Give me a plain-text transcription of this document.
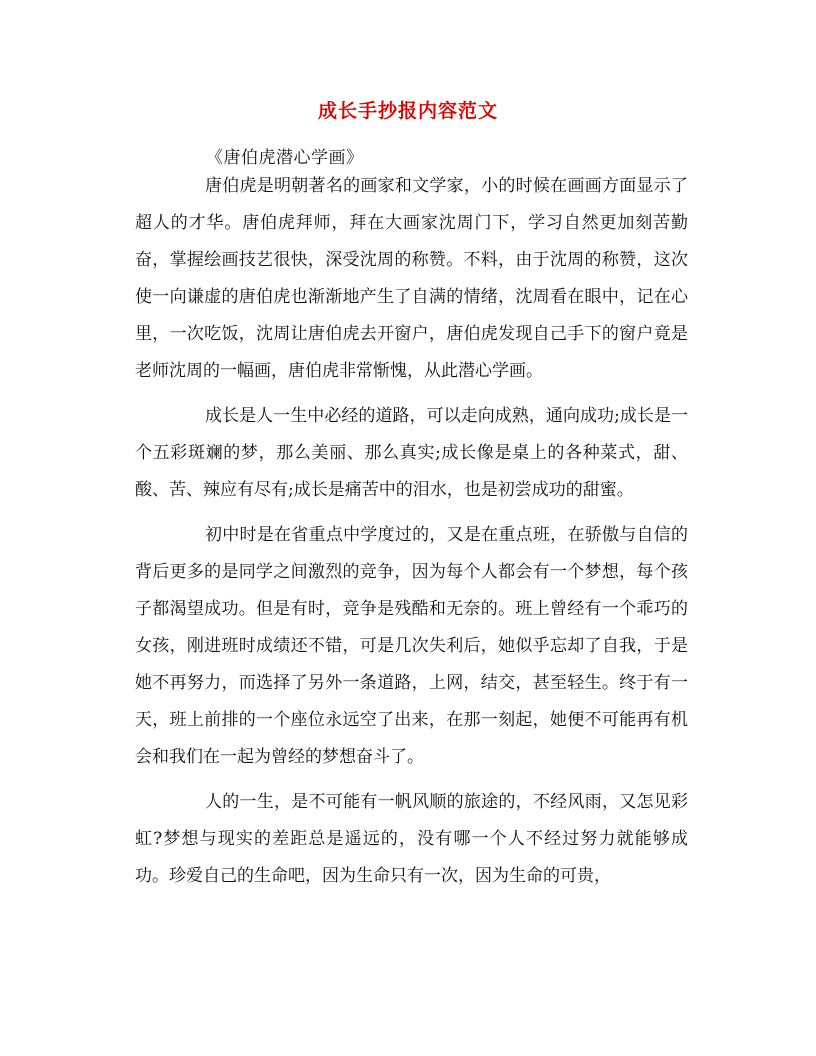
成长手抄报内容范文
《唐伯虎潜心学画》

唐伯虎是明朝著名的画家和文学家，小的时候在画画方面显示了超人的才华。唐伯虎拜师，拜在大画家沈周门下，学习自然更加刻苦勤奋，掌握绘画技艺很快，深受沈周的称赞。不料，由于沈周的称赞，这次使一向谦虚的唐伯虎也渐渐地产生了自满的情绪，沈周看在眼中，记在心里，一次吃饭，沈周让唐伯虎去开窗户，唐伯虎发现自己手下的窗户竟是老师沈周的一幅画，唐伯虎非常惭愧，从此潜心学画。

成长是人一生中必经的道路，可以走向成熟，通向成功;成长是一个五彩斑斓的梦，那么美丽、那么真实;成长像是桌上的各种菜式，甜、酸、苦、辣应有尽有;成长是痛苦中的泪水，也是初尝成功的甜蜜。

初中时是在省重点中学度过的，又是在重点班，在骄傲与自信的背后更多的是同学之间激烈的竞争，因为每个人都会有一个梦想，每个孩子都渴望成功。但是有时，竞争是残酷和无奈的。班上曾经有一个乖巧的女孩，刚进班时成绩还不错，可是几次失利后，她似乎忘却了自我，于是她不再努力，而选择了另外一条道路，上网，结交，甚至轻生。终于有一天，班上前排的一个座位永远空了出来，在那一刻起，她便不可能再有机会和我们在一起为曾经的梦想奋斗了。

人的一生，是不可能有一帆风顺的旅途的，不经风雨，又怎见彩虹?梦想与现实的差距总是遥远的，没有哪一个人不经过努力就能够成功。珍爱自己的生命吧，因为生命只有一次，因为生命的可贵，
